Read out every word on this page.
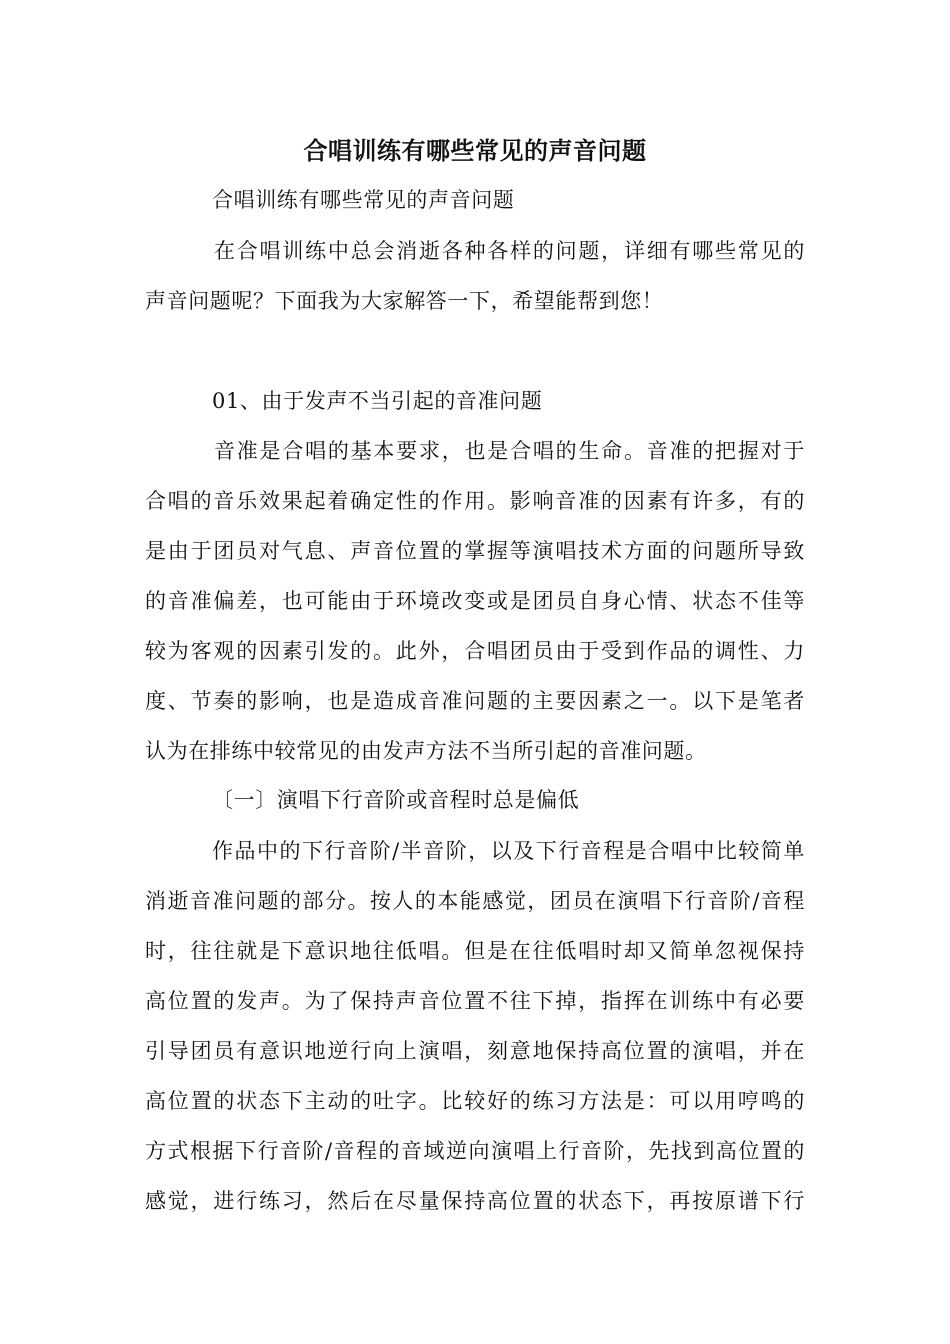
合唱训练有哪些常见的声音问题
合唱训练有哪些常见的声音问题
在合唱训练中总会消逝各种各样的问题，详细有哪些常见的
声音问题呢？下面我为大家解答一下，希望能帮到您！
01、由于发声不当引起的音准问题
音准是合唱的基本要求，也是合唱的生命。音准的把握对于
合唱的音乐效果起着确定性的作用。影响音准的因素有许多，有的
是由于团员对气息、声音位置的掌握等演唱技术方面的问题所导致
的音准偏差，也可能由于环境改变或是团员自身心情、状态不佳等
较为客观的因素引发的。此外，合唱团员由于受到作品的调性、力
度、节奏的影响，也是造成音准问题的主要因素之一。以下是笔者
认为在排练中较常见的由发声方法不当所引起的音准问题。
〔一〕演唱下行音阶或音程时总是偏低
作品中的下行音阶/半音阶，以及下行音程是合唱中比较简单
消逝音准问题的部分。按人的本能感觉，团员在演唱下行音阶/音程
时，往往就是下意识地往低唱。但是在往低唱时却又简单忽视保持
高位置的发声。为了保持声音位置不往下掉，指挥在训练中有必要
引导团员有意识地逆行向上演唱，刻意地保持高位置的演唱，并在
高位置的状态下主动的吐字。比较好的练习方法是：可以用哼鸣的
方式根据下行音阶/音程的音域逆向演唱上行音阶，先找到高位置的
感觉，进行练习，然后在尽量保持高位置的状态下，再按原谱下行
